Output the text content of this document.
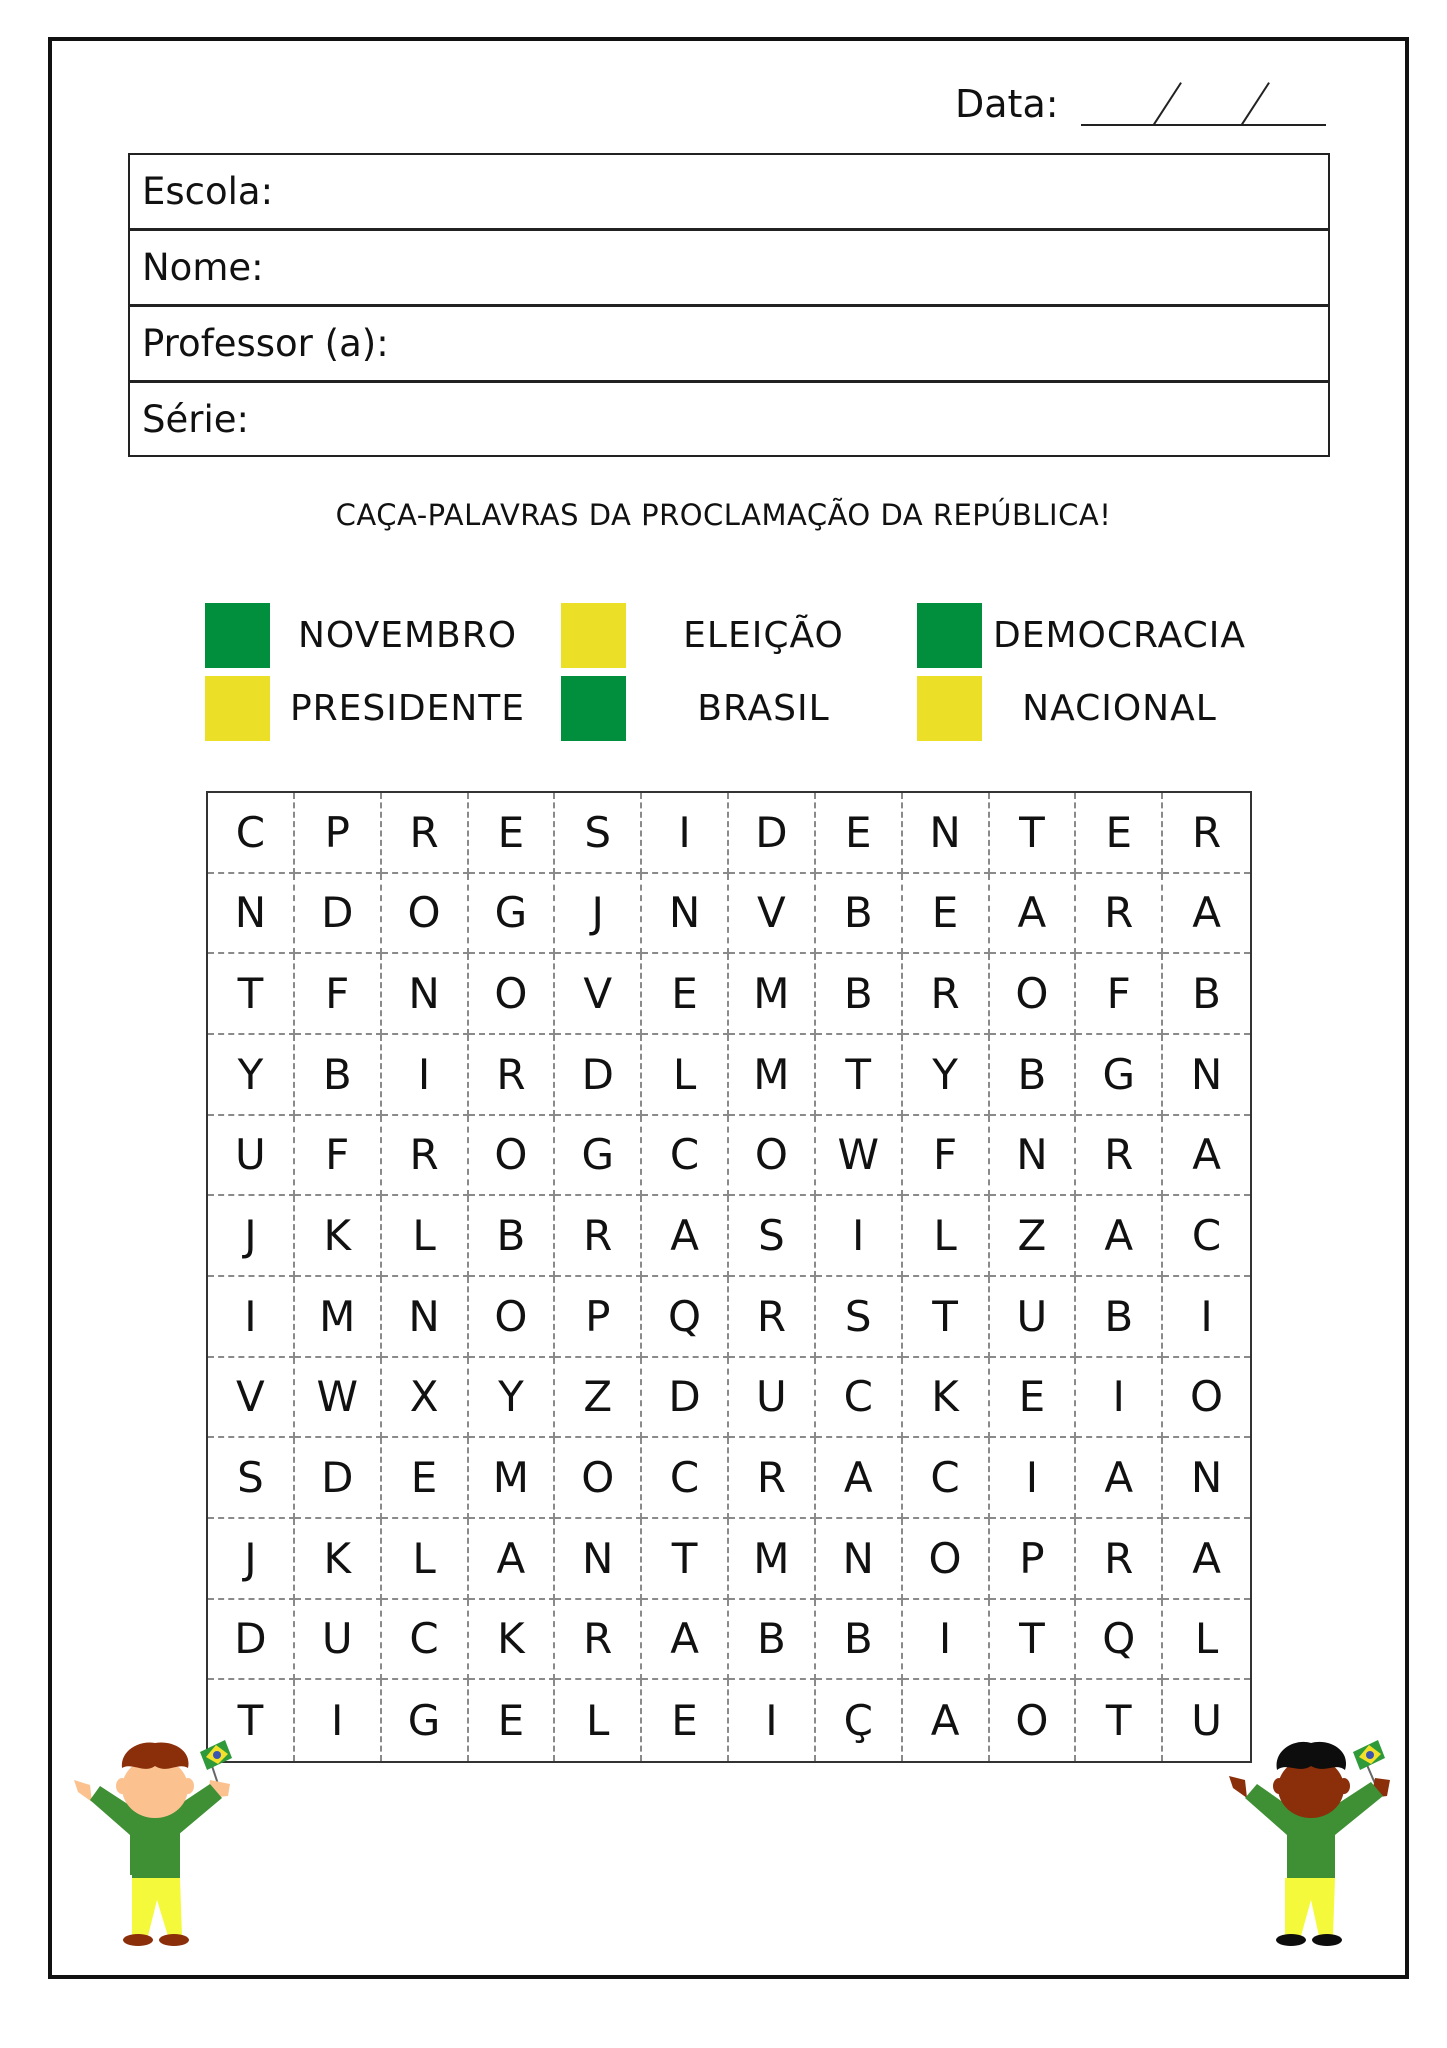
Data:
Escola:
Nome:
Professor (a):
Série:
CAÇA-PALAVRAS DA PROCLAMAÇÃO DA REPÚBLICA!
NOVEMBRO
PRESIDENTE
ELEIÇÃO
BRASIL
DEMOCRACIA
NACIONAL
C	P	R	E	S	I	D	E	N	T	E	R
N	D	O	G	J	N	V	B	E	A	R	A
T	F	N	O	V	E	M	B	R	O	F	B
Y	B	I	R	D	L	M	T	Y	B	G	N
U	F	R	O	G	C	O	W	F	N	R	A
J	K	L	B	R	A	S	I	L	Z	A	C
I	M	N	O	P	Q	R	S	T	U	B	I
V	W	X	Y	Z	D	U	C	K	E	I	O
S	D	E	M	O	C	R	A	C	I	A	N
J	K	L	A	N	T	M	N	O	P	R	A
D	U	C	K	R	A	B	B	I	T	Q	L
T	I	G	E	L	E	I	Ç	A	O	T	U
